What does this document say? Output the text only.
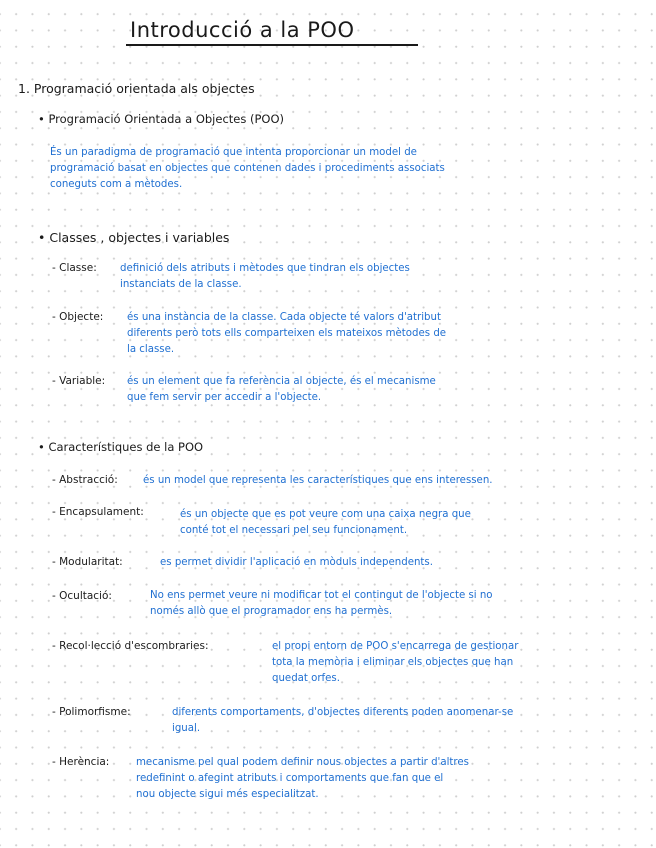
Introducció a la POO
1. Programació orientada als objectes
• Programació Orientada a Objectes (POO)
És un paradigma de programació que intenta proporcionar un model de
programació basat en objectes que contenen dades i procediments associats
coneguts com a mètodes.
• Classes , objectes i variables
- Classe: definició dels atributs i mètodes que tindran els objectes
instanciats de la classe.
- Objecte: és una instància de la classe. Cada objecte té valors d'atribut
diferents però tots ells comparteixen els mateixos mètodes de
la classe.
- Variable: és un element que fa referència al objecte, és el mecanisme
que fem servir per accedir a l'objecte.
• Característiques de la POO
- Abstracció: és un model que representa les característiques que ens interessen.
- Encapsulament:	és un objecte que es pot veure com una caixa negra que
conté tot el necessari pel seu funcionament.
- Modularitat:	es permet dividir l'aplicació en mòduls independents.
- Ocultació:	No ens permet veure ni modificar tot el contingut de l'objecte si no
només allò que el programador ens ha permès.
- Recol·lecció d'escombraries:	el propi entorn de POO s'encarrega de gestionar
tota la memòria i eliminar els objectes que han
quedat orfes.
- Polimorfisme:	diferents comportaments, d'objectes diferents poden anomenar-se
igual.
- Herència:	mecanisme pel qual podem definir nous objectes a partir d'altres
redefinint o afegint atributs i comportaments que fan que el
nou objecte sigui més especialitzat.
